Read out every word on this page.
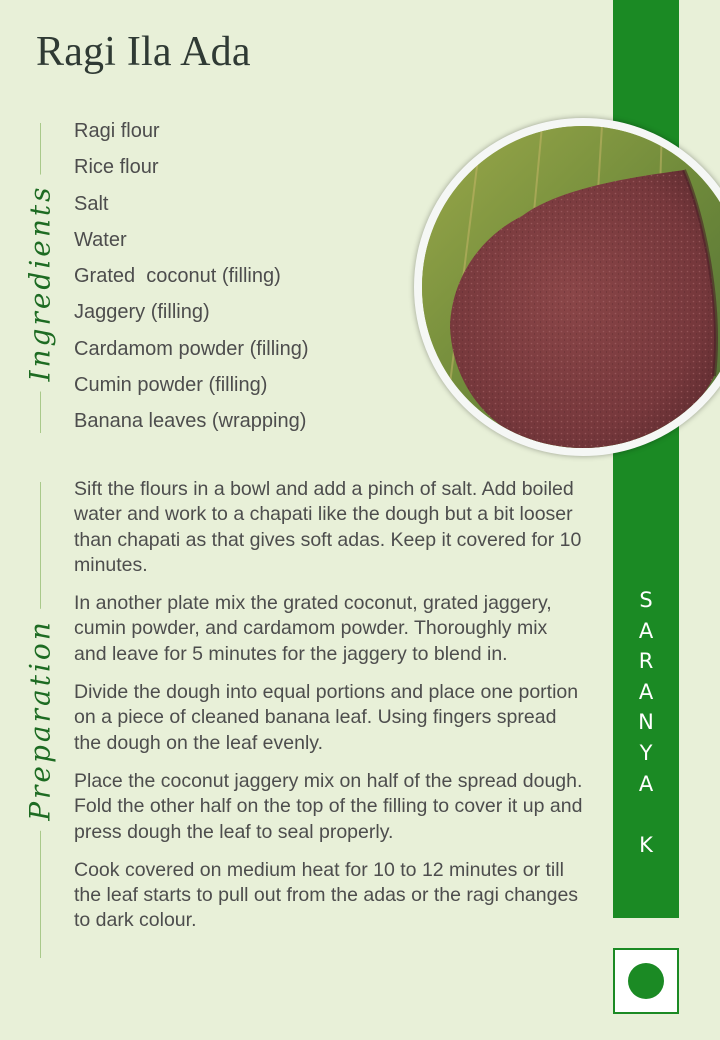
Ragi Ila Ada
S
A
R
A
N
Y
A
K
Ingredients
Ragi flour
Rice flour
Salt
Water
Grated  coconut (filling)
Jaggery (filling)
Cardamom powder (filling)
Cumin powder (filling)
Banana leaves (wrapping)
Preparation

Sift the flours in a bowl and add a pinch of salt. Add boiled water and work to a chapati like the dough but a bit looser than chapati as that gives soft adas. Keep it covered for 10 minutes.

In another plate mix the grated coconut, grated jaggery, cumin powder, and cardamom powder. Thoroughly mix and leave for 5 minutes for the jaggery to blend in.

Divide the dough into equal portions and place one portion on a piece of cleaned banana leaf. Using fingers spread the dough on the leaf evenly.

Place the coconut jaggery mix on half of the spread dough. Fold the other half on the top of the filling to cover it up and press dough the leaf to seal properly.

Cook covered on medium heat for 10 to 12 minutes or till the leaf starts to pull out from the adas or the ragi changes to dark colour.
